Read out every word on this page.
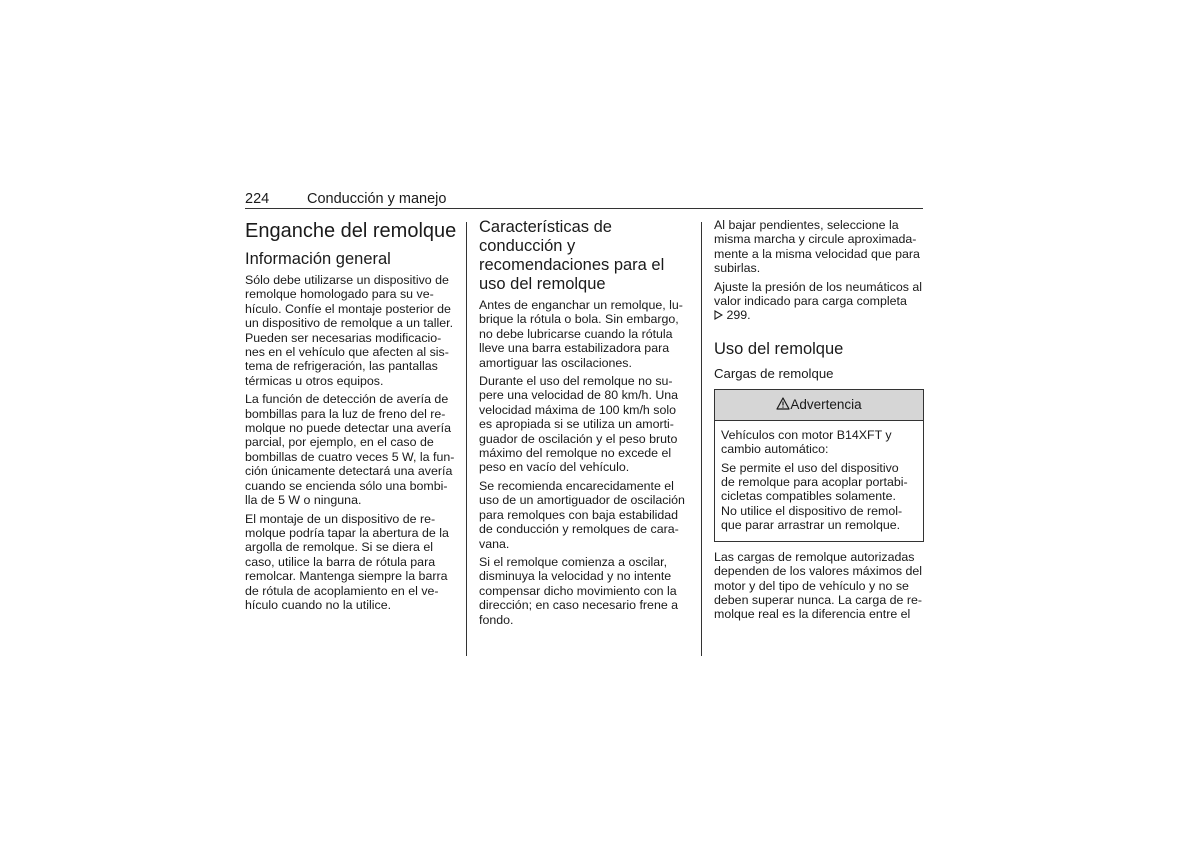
224	Conducción y manejo
Enganche del remolque
Información general

Sólo debe utilizarse un dispositivo de
remolque homologado para su ve-
hículo. Confíe el montaje posterior de
un dispositivo de remolque a un taller.
Pueden ser necesarias modificacio-
nes en el vehículo que afecten al sis-
tema de refrigeración, las pantallas
térmicas u otros equipos.

La función de detección de avería de
bombillas para la luz de freno del re-
molque no puede detectar una avería
parcial, por ejemplo, en el caso de
bombillas de cuatro veces 5 W, la fun-
ción únicamente detectará una avería
cuando se encienda sólo una bombi-
lla de 5 W o ninguna.

El montaje de un dispositivo de re-
molque podría tapar la abertura de la
argolla de remolque. Si se diera el
caso, utilice la barra de rótula para
remolcar. Mantenga siempre la barra
de rótula de acoplamiento en el ve-
hículo cuando no la utilice.

Características de
conducción y
recomendaciones para el
uso del remolque

Antes de enganchar un remolque, lu-
brique la rótula o bola. Sin embargo,
no debe lubricarse cuando la rótula
lleve una barra estabilizadora para
amortiguar las oscilaciones.

Durante el uso del remolque no su-
pere una velocidad de 80 km/h. Una
velocidad máxima de 100 km/h solo
es apropiada si se utiliza un amorti-
guador de oscilación y el peso bruto
máximo del remolque no excede el
peso en vacío del vehículo.

Se recomienda encarecidamente el
uso de un amortiguador de oscilación
para remolques con baja estabilidad
de conducción y remolques de cara-
vana.

Si el remolque comienza a oscilar,
disminuya la velocidad y no intente
compensar dicho movimiento con la
dirección; en caso necesario frene a
fondo.

Al bajar pendientes, seleccione la
misma marcha y circule aproximada-
mente a la misma velocidad que para
subirlas.

Ajuste la presión de los neumáticos al
valor indicado para carga completa
299.

Uso del remolque
Cargas de remolque
Advertencia

Vehículos con motor B14XFT y
cambio automático:

Se permite el uso del dispositivo
de remolque para acoplar portabi-
cicletas compatibles solamente.
No utilice el dispositivo de remol-
que parar arrastrar un remolque.

Las cargas de remolque autorizadas
dependen de los valores máximos del
motor y del tipo de vehículo y no se
deben superar nunca. La carga de re-
molque real es la diferencia entre el
